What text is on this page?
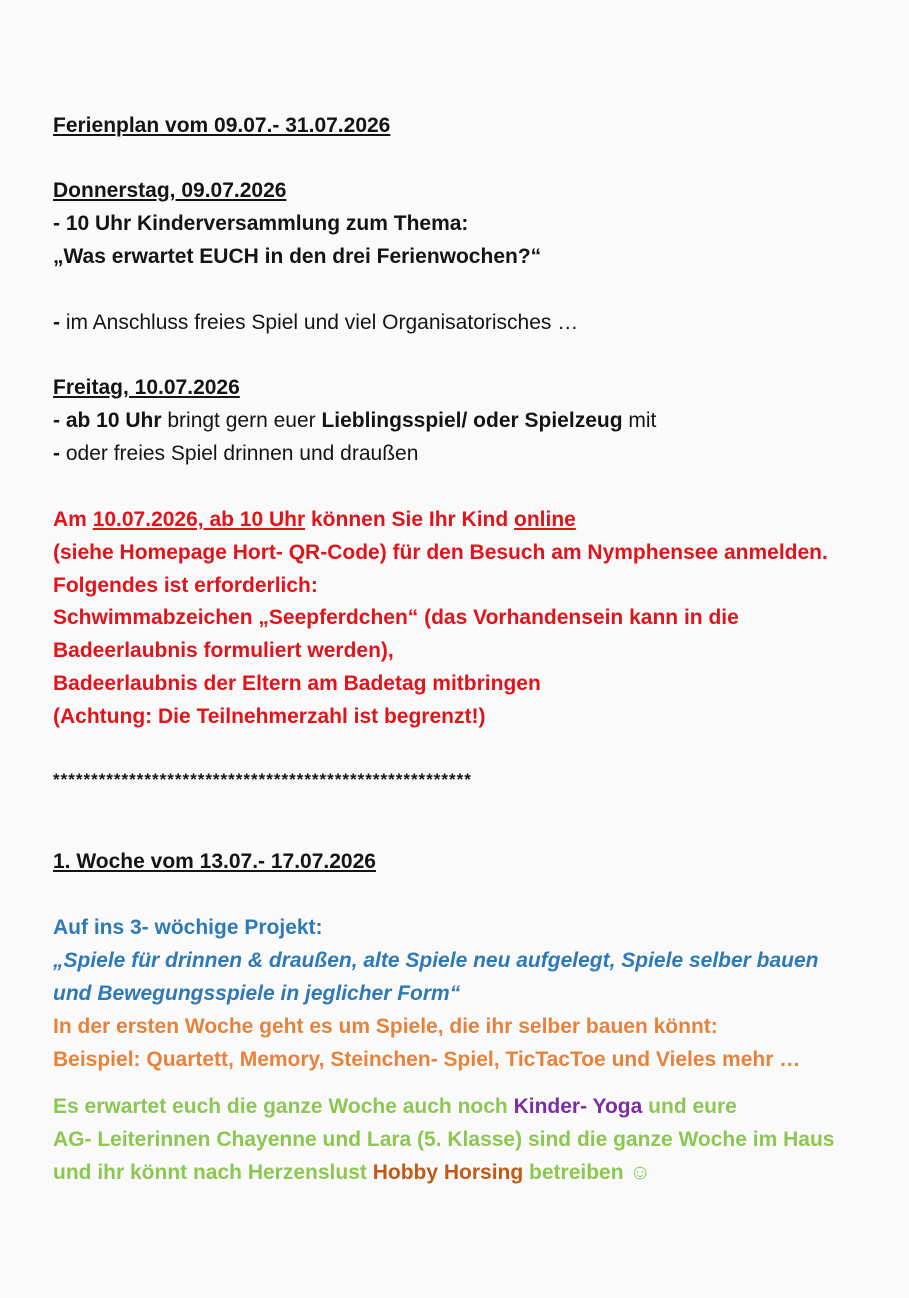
Ferienplan vom 09.07.- 31.07.2026
Donnerstag, 09.07.2026
- 10 Uhr Kinderversammlung zum Thema:
„Was erwartet EUCH in den drei Ferienwochen?“
- im Anschluss freies Spiel und viel Organisatorisches …
Freitag, 10.07.2026
- ab 10 Uhr bringt gern euer Lieblingsspiel/ oder Spielzeug mit
- oder freies Spiel drinnen und draußen
Am 10.07.2026, ab 10 Uhr können Sie Ihr Kind online
(siehe Homepage Hort- QR-Code) für den Besuch am Nymphensee anmelden.
Folgendes ist erforderlich:
Schwimmabzeichen „Seepferdchen“ (das Vorhandensein kann in die
Badeerlaubnis formuliert werden),
Badeerlaubnis der Eltern am Badetag mitbringen
(Achtung: Die Teilnehmerzahl ist begrenzt!)
*******************************************************
1. Woche vom 13.07.- 17.07.2026
Auf ins 3- wöchige Projekt:
„Spiele für drinnen & draußen, alte Spiele neu aufgelegt, Spiele selber bauen
und Bewegungsspiele in jeglicher Form“
In der ersten Woche geht es um Spiele, die ihr selber bauen könnt:
Beispiel: Quartett, Memory, Steinchen- Spiel, TicTacToe und Vieles mehr …
Es erwartet euch die ganze Woche auch noch Kinder- Yoga und eure
AG- Leiterinnen Chayenne und Lara (5. Klasse) sind die ganze Woche im Haus
und ihr könnt nach Herzenslust Hobby Horsing betreiben ☺
